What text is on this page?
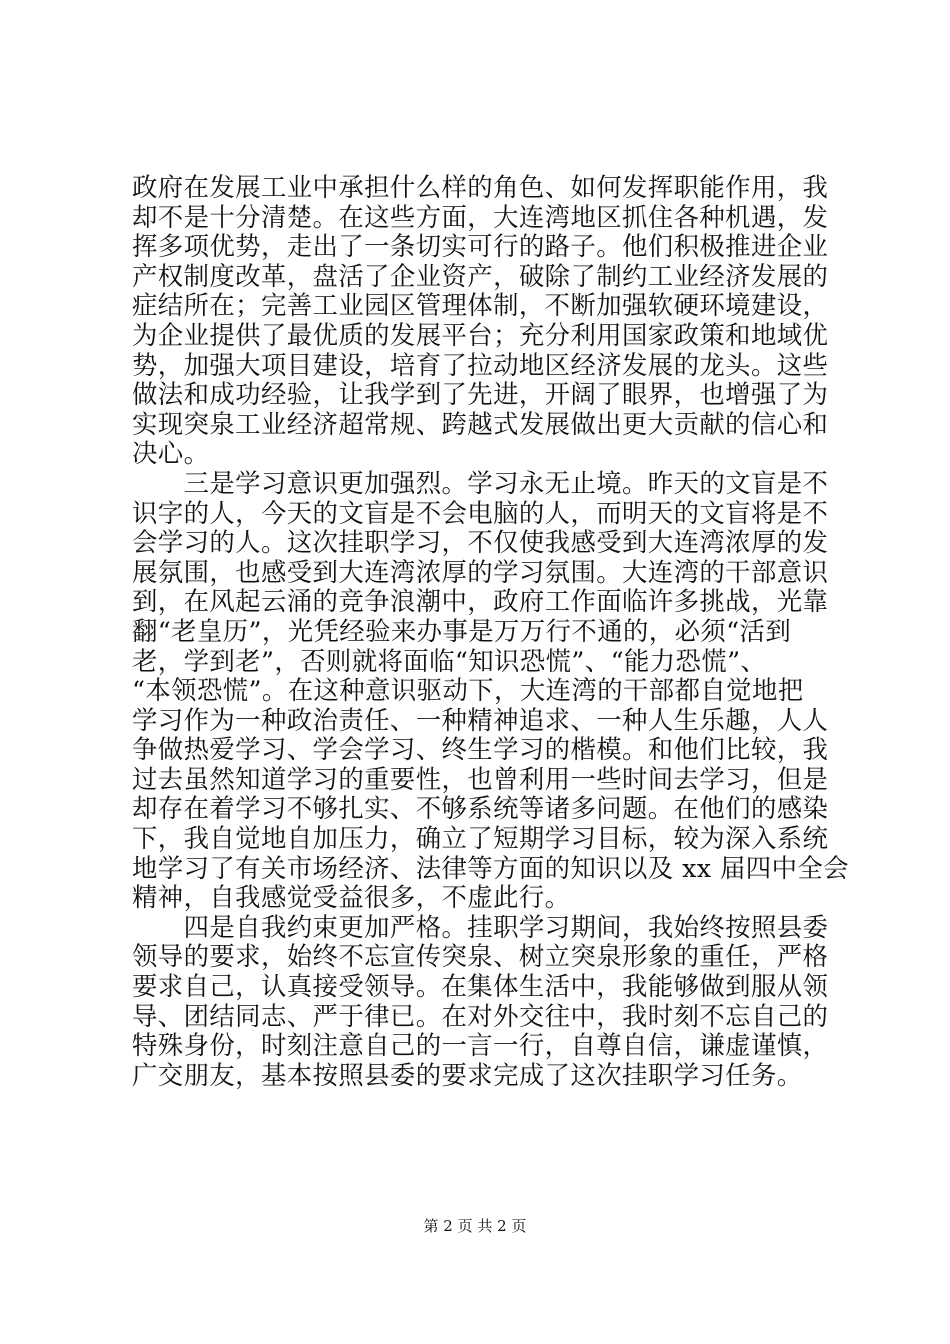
政府在发展工业中承担什么样的角色、如何发挥职能作用，我
却不是十分清楚。在这些方面，大连湾地区抓住各种机遇，发
挥多项优势，走出了一条切实可行的路子。他们积极推进企业
产权制度改革，盘活了企业资产，破除了制约工业经济发展的
症结所在；完善工业园区管理体制，不断加强软硬环境建设，
为企业提供了最优质的发展平台；充分利用国家政策和地域优
势，加强大项目建设，培育了拉动地区经济发展的龙头。这些
做法和成功经验，让我学到了先进，开阔了眼界，也增强了为
实现突泉工业经济超常规、跨越式发展做出更大贡献的信心和
决心。
　　三是学习意识更加强烈。学习永无止境。昨天的文盲是不
识字的人，今天的文盲是不会电脑的人，而明天的文盲将是不
会学习的人。这次挂职学习，不仅使我感受到大连湾浓厚的发
展氛围，也感受到大连湾浓厚的学习氛围。大连湾的干部意识
到，在风起云涌的竞争浪潮中，政府工作面临许多挑战，光靠
翻“老皇历”，光凭经验来办事是万万行不通的，必须“活到
老，学到老”，否则就将面临“知识恐慌”、“能力恐慌”、
“本领恐慌”。在这种意识驱动下，大连湾的干部都自觉地把
学习作为一种政治责任、一种精神追求、一种人生乐趣，人人
争做热爱学习、学会学习、终生学习的楷模。和他们比较，我
过去虽然知道学习的重要性，也曾利用一些时间去学习，但是
却存在着学习不够扎实、不够系统等诸多问题。在他们的感染
下，我自觉地自加压力，确立了短期学习目标，较为深入系统
地学习了有关市场经济、法律等方面的知识以及 xx 届四中全会
精神，自我感觉受益很多，不虚此行。
　　四是自我约束更加严格。挂职学习期间，我始终按照县委
领导的要求，始终不忘宣传突泉、树立突泉形象的重任，严格
要求自己，认真接受领导。在集体生活中，我能够做到服从领
导、团结同志、严于律已。在对外交往中，我时刻不忘自己的
特殊身份，时刻注意自己的一言一行，自尊自信，谦虚谨慎，
广交朋友，基本按照县委的要求完成了这次挂职学习任务。
第 2 页 共 2 页
